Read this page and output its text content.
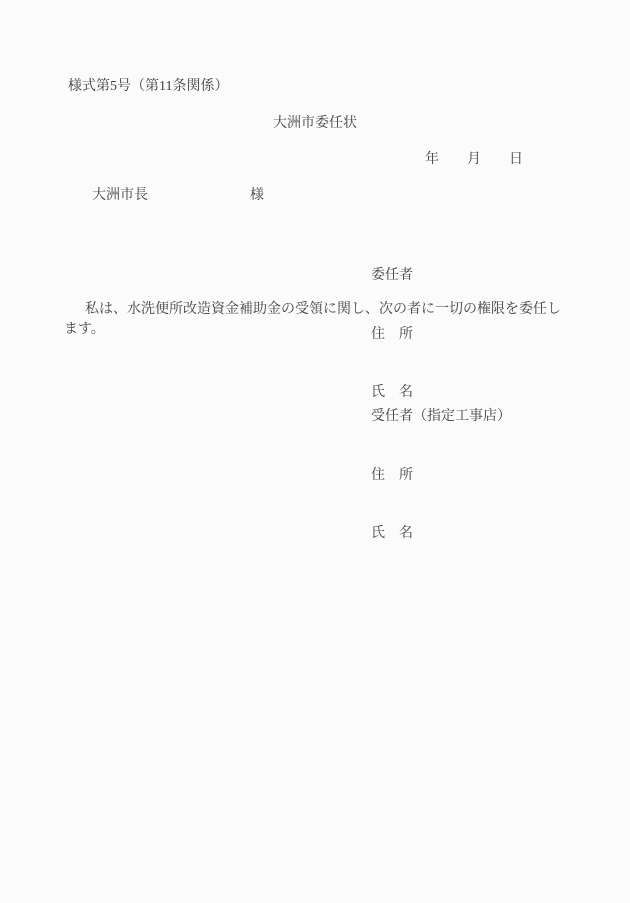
様式第5号（第11条関係）
大洲市委任状
年　　月　　日
大洲市長	様

委任者

住　所

氏　名

　私は、水洗便所改造資金補助金の受領に関し、次の者に一切の権限を委任します。

受任者（指定工事店）

住　所

氏　名
